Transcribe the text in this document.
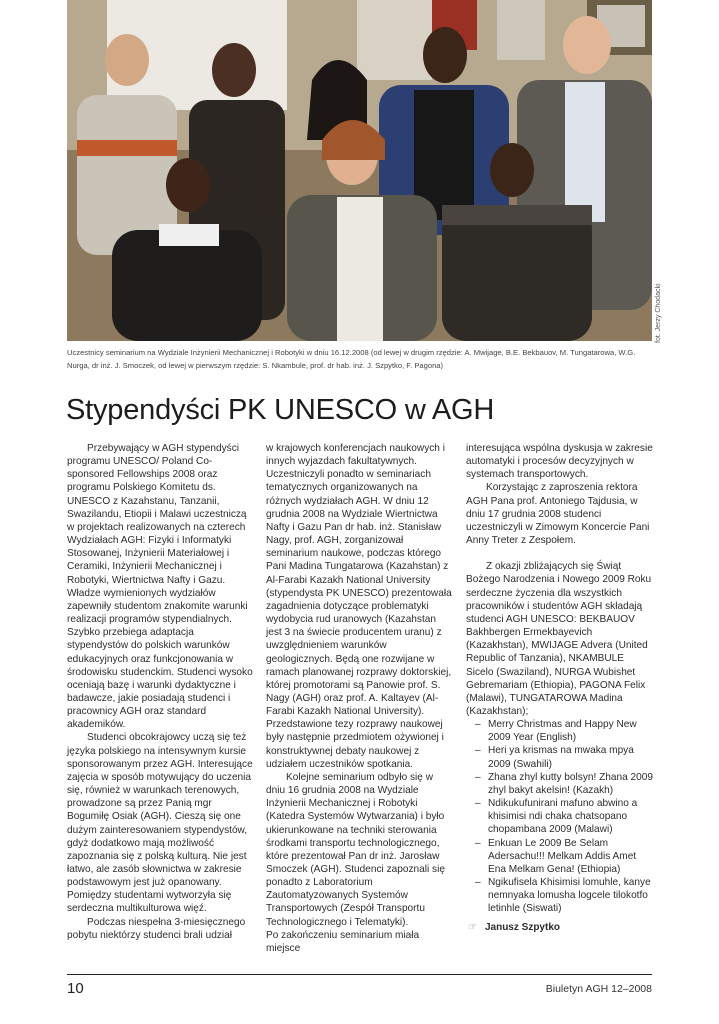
fot. Jerzy Chodacki
Uczestnicy seminarium na Wydziale Inżynierii Mechanicznej i Robotyki w dniu 16.12.2008 (od lewej w drugim rzędzie: A. Mwijage, B.E. Bekbauov, M. Tungatarowa, W.G. Nurga, dr inż. J. Smoczek, od lewej w pierwszym rzędzie: S. Nkambule, prof. dr hab. inż. J. Szpytko, F. Pagona)
Stypendyści PK UNESCO w AGH

Przebywający w AGH stypendyści programu UNESCO/ Poland Co-sponsored Fellowships 2008 oraz programu Polskiego Komitetu ds. UNESCO z Kazahstanu, Tanzanii, Swazilandu, Etiopii i Malawi uczestniczą w projektach realizowanych na czterech Wydziałach AGH: Fizyki i Informatyki Stosowanej, Inżynierii Materiałowej i Ceramiki, Inżynierii Mechanicznej i Robotyki, Wiertnictwa Nafty i Gazu. Władze wymienionych wydziałów zapewniły studentom znakomite warunki realizacji programów stypendialnych. Szybko przebiega adaptacja stypendystów do polskich warunków edukacyjnych oraz funkcjonowania w środowisku studenckim. Studenci wysoko oceniają bazę i warunki dydaktyczne i badawcze, jakie posiadają studenci i pracownicy AGH oraz standard akademików.

Studenci obcokrajowcy uczą się też języka polskiego na intensywnym kursie sponsorowanym przez AGH. Interesujące zajęcia w sposób motywujący do uczenia się, również w warunkach terenowych, prowadzone są przez Panią mgr Bogumiłę Osiak (AGH). Cieszą się one dużym zainteresowaniem stypendystów, gdyż dodatkowo mają możliwość zapoznania się z polską kulturą. Nie jest łatwo, ale zasób słownictwa w zakresie podstawowym jest już opanowany. Pomiędzy studentami wytworzyła się serdeczna multikulturowa więź.

Podczas niespełna 3-miesięcznego pobytu niektórzy studenci brali udział

w krajowych konferencjach naukowych i innych wyjazdach fakultatywnych. Uczestniczyli ponadto w seminariach tematycznych organizowanych na różnych wydziałach AGH. W dniu 12 grudnia 2008 na Wydziale Wiertnictwa Nafty i Gazu Pan dr hab. inż. Stanisław Nagy, prof. AGH, zorganizował seminarium naukowe, podczas którego Pani Madina Tungatarowa (Kazahstan) z Al-Farabi Kazakh National University (stypendysta PK UNESCO) prezentowała zagadnienia dotyczące problematyki wydobycia rud uranowych (Kazahstan jest 3 na świecie producentem uranu) z uwzględnieniem warunków geologicznych. Będą one rozwijane w ramach planowanej rozprawy doktorskiej, której promotorami są Panowie prof. S. Nagy (AGH) oraz prof. A. Kaltayev (Al-Farabi Kazakh National University). Przedstawione tezy rozprawy naukowej były następnie przedmiotem ożywionej i konstruktywnej debaty naukowej z udziałem uczestników spotkania.

Kolejne seminarium odbyło się w dniu 16 grudnia 2008 na Wydziale Inżynierii Mechanicznej i Robotyki (Katedra Systemów Wytwarzania) i było ukierunkowane na techniki sterowania środkami transportu technologicznego, które prezentował Pan dr inż. Jarosław Smoczek (AGH). Studenci zapoznali się ponadto z Laboratorium Zautomatyzowanych Systemów Transportowych (Zespół Transportu Technologicznego i Telematyki).

Po zakończeniu seminarium miała miejsce

interesująca wspólna dyskusja w zakresie automatyki i procesów decyzyjnych w systemach transportowych.

Korzystając z zaproszenia rektora AGH Pana prof. Antoniego Tajdusia, w dniu 17 grudnia 2008 studenci uczestniczyli w Zimowym Koncercie Pani Anny Treter z Zespołem.

Z okazji zbliżających się Świąt Bożego Narodzenia i Nowego 2009 Roku serdeczne życzenia dla wszystkich pracowników i studentów AGH składają studenci AGH UNESCO: BEKBAUOV Bakhbergen Ermekbayevich (Kazakhstan), MWIJAGE Advera (United Republic of Tanzania), NKAMBULE Sicelo (Swaziland), NURGA Wubishet Gebremariam (Ethiopia), PAGONA Felix (Malawi), TUNGATAROWA Madina (Kazakhstan);

– Merry Christmas and Happy New 2009 Year (English)
– Heri ya krismas na mwaka mpya 2009 (Swahili)
– Zhana zhyl kutty bolsyn! Zhana 2009 zhyl bakyt akelsin! (Kazakh)
– Ndikukufunirani mafuno abwino a khisimisi ndi chaka chatsopano chopambana 2009 (Malawi)
– Enkuan Le 2009 Be Selam Adersachu!!! Melkam Addis Amet Ena Melkam Gena! (Ethiopia)
– Ngikufisela Khisimisi lomuhle, kanye nemnyaka lomusha logcele tilokotfo letinhle (Siswati)
☞ Janusz Szpytko
10	Biuletyn AGH 12–2008
